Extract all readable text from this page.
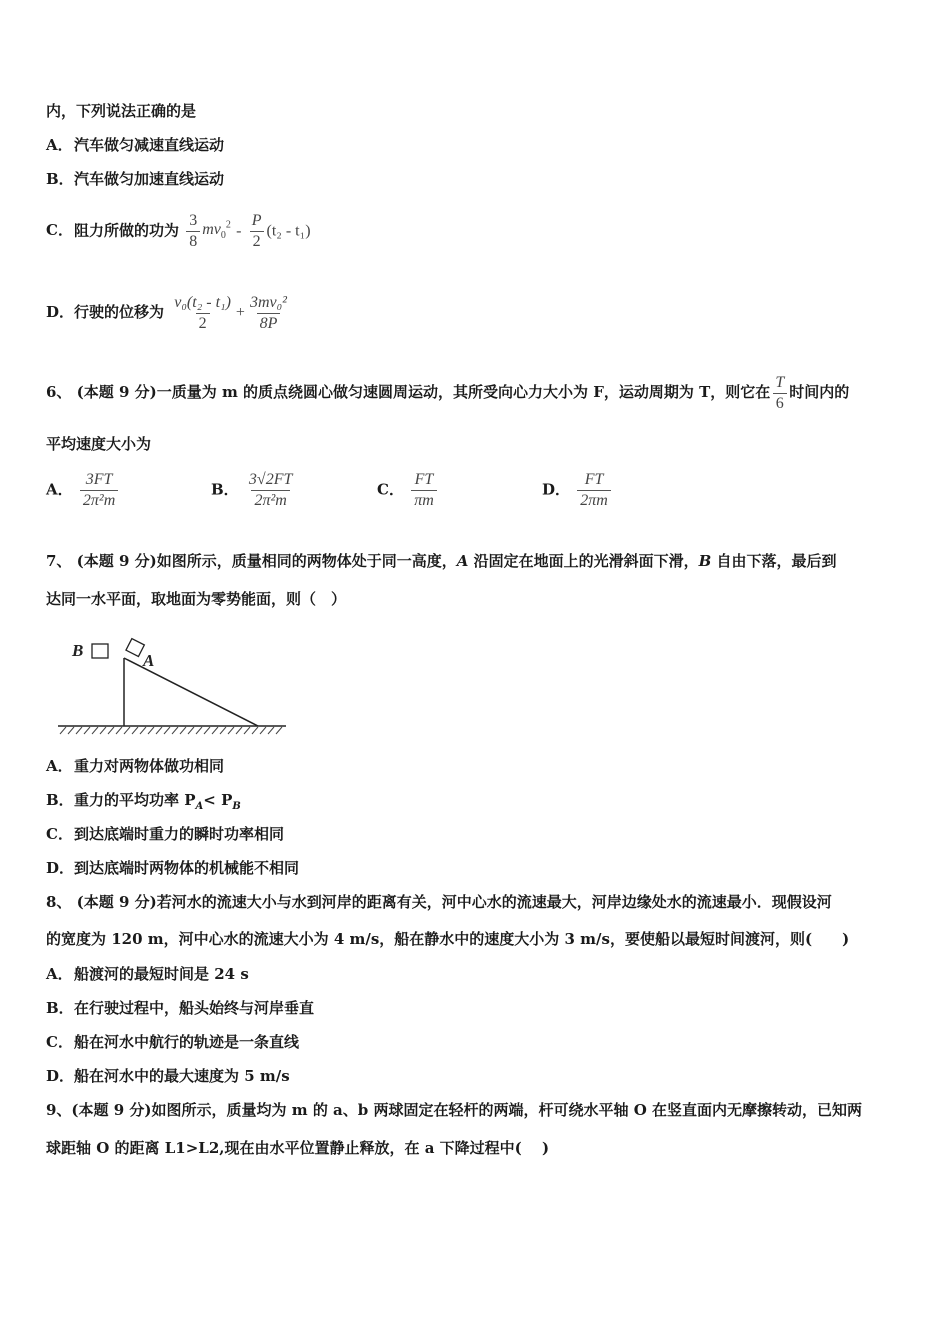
内，下列说法正确的是
A．汽车做匀减速直线运动
B．汽车做匀加速直线运动
C．阻力所做的功为 $\frac{3}{8} mv_0^2 - \frac{P}{2} (t_2 - t_1)$
D．行驶的位移为 $\frac{\text{v₀(t₂ - t₁)}}{2} + \frac{\text{3mv₀²}}{8P}$
6、 (本题 9 分)一质量为 m 的质点绕圆心做匀速圆周运动，其所受向心力大小为 F，运动周期为 T，则它在 $\frac{T}{6}$ 时间内的
平均速度大小为
A． $\frac{3FT}{\text{2π²m}}$	B． $\frac{3√2FT}{\text{2π²m}}$	C． $\frac{FT}{\pi m}$	D． $\frac{FT}{2\pi m}$
7、 (本题 9 分)如图所示，质量相同的两物体处于同一高度，A 沿固定在地面上的光滑斜面下滑，B 自由下落，最后到
达同一水平面，取地面为零势能面，则（　）
B
A
A．重力对两物体做功相同
B．重力的平均功率 $P_A< P_B$
C．到达底端时重力的瞬时功率相同
D．到达底端时两物体的机械能不相同
8、 (本题 9 分)若河水的流速大小与水到河岸的距离有关，河中心水的流速最大，河岸边缘处水的流速最小．现假设河
的宽度为 120 m，河中心水的流速大小为 4 m/s，船在静水中的速度大小为 3 m/s，要使船以最短时间渡河，则(　　)
A．船渡河的最短时间是 24 s
B．在行驶过程中，船头始终与河岸垂直
C．船在河水中航行的轨迹是一条直线
D．船在河水中的最大速度为 5 m/s
9、(本题 9 分)如图所示，质量均为 m 的 a、b 两球固定在轻杆的两端，杆可绕水平轴 O 在竖直面内无摩擦转动，已知两
球距轴 O 的距离 L1>L2,现在由水平位置静止释放，在 a 下降过程中(　 )
